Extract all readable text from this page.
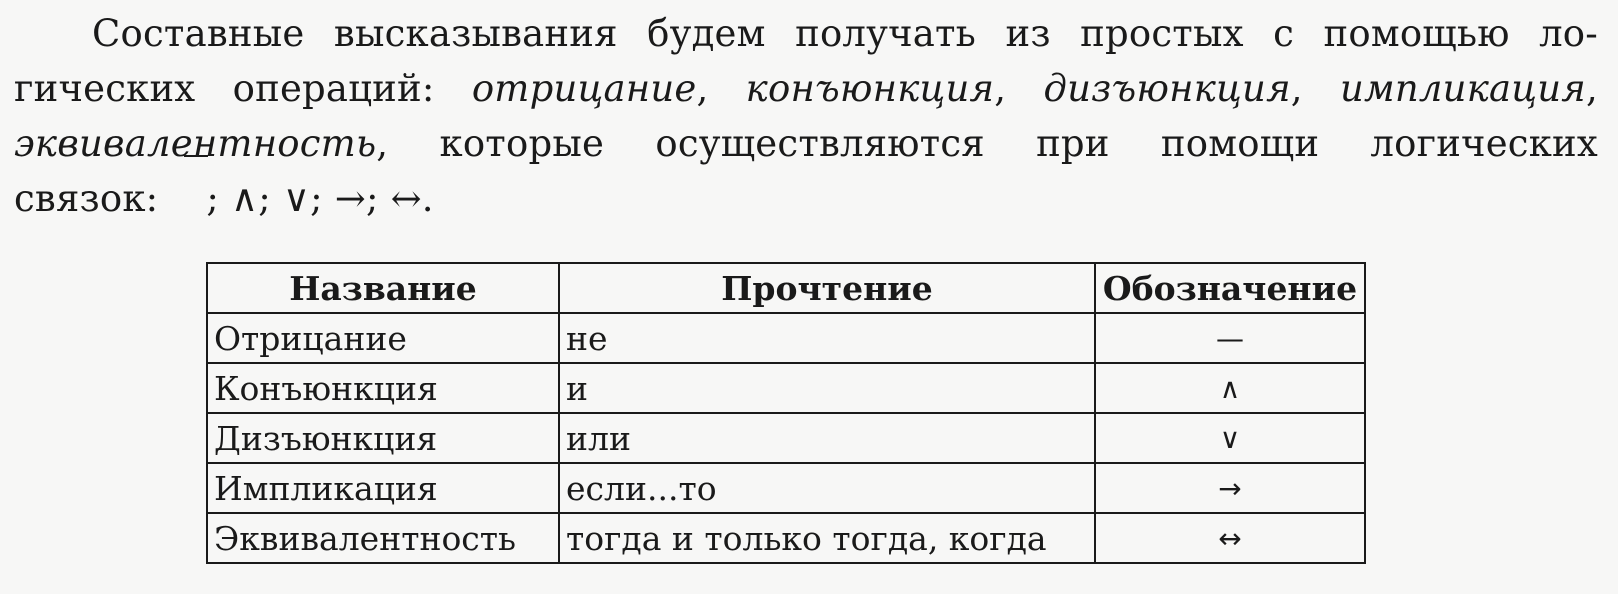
Составные высказывания будем получать из простых с помощью ло-
гических операций: отрицание, конъюнкция, дизъюнкция, импликация,
эквивалентность, которые осуществляются при помощи логических
связок:
; ∧; ∨; →; ↔.
Название	Прочтение	Обозначение
Отрицание	не	—
Конъюнкция	и	∧
Дизъюнкция	или	∨
Импликация	если...то	→
Эквивалентность	тогда и только тогда, когда	↔
